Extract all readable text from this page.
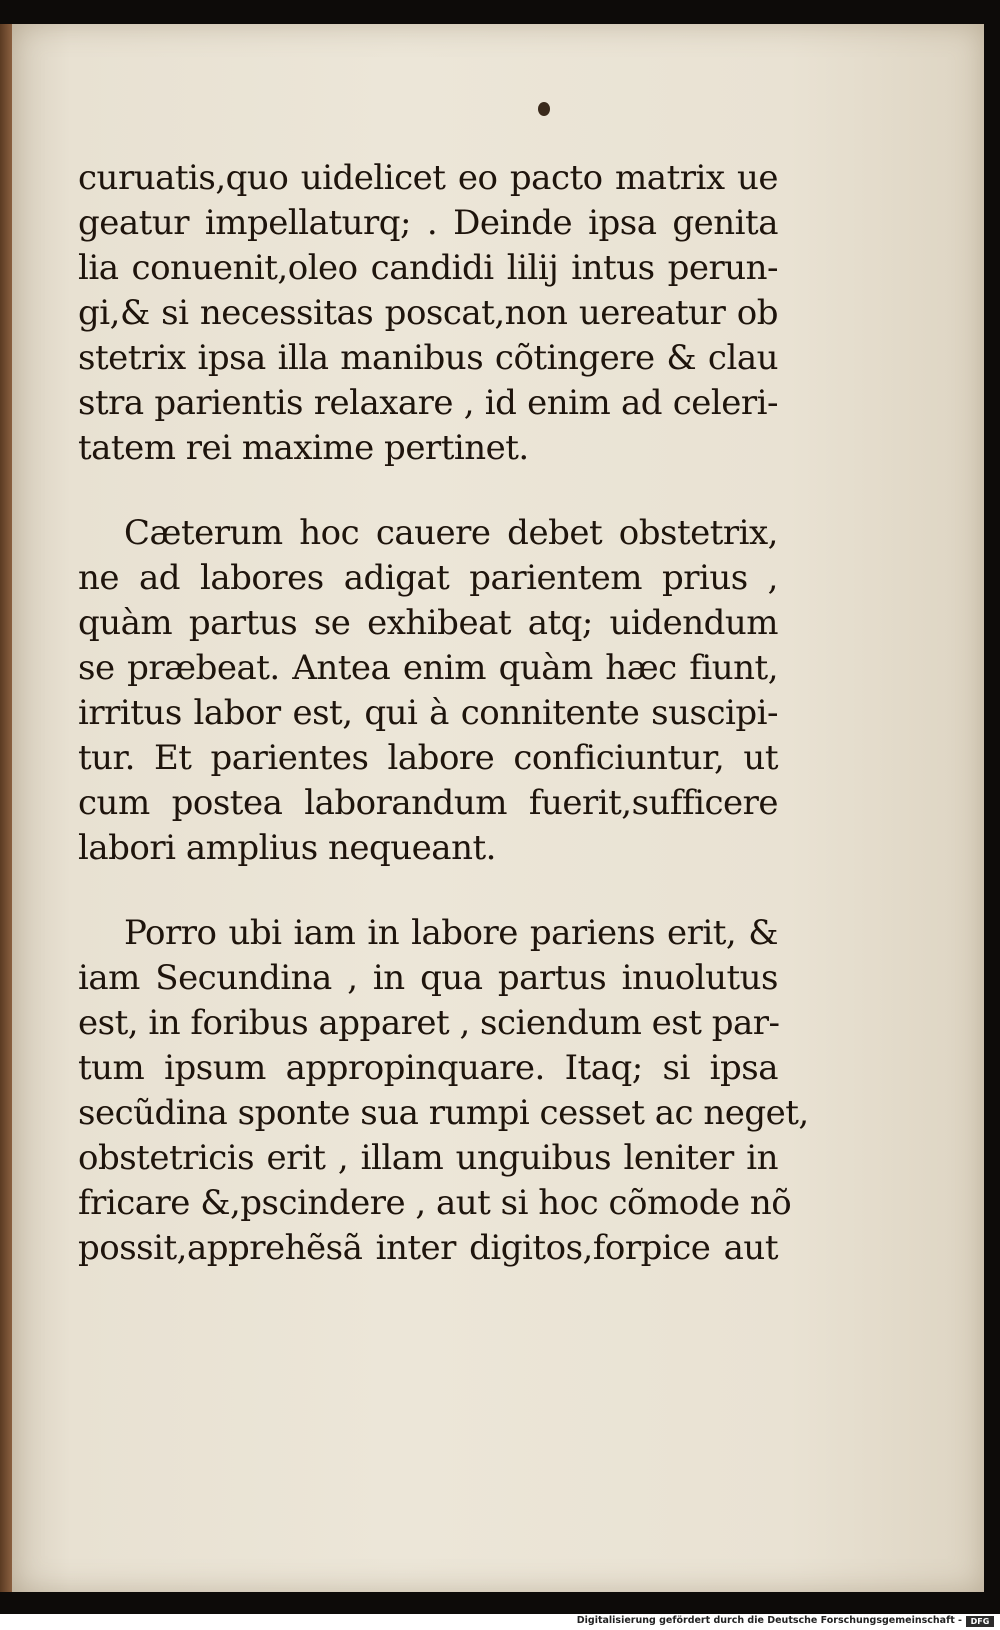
curuatis,quo uidelicet eo pacto matrix ue
geatur impellaturq; . Deinde ipsa genita
lia conuenit,oleo candidi lilij intus perun-
gi,& si necessitas poscat,non uereatur ob
stetrix ipsa illa manibus cõtingere & clau
stra parientis relaxare , id enim ad celeri-
tatem rei maxime pertinet.
Cæterum hoc cauere debet obstetrix,
ne ad labores adigat parientem prius ,
quàm partus se exhibeat atq; uidendum
se præbeat. Antea enim quàm hæc fiunt,
irritus labor est, qui à connitente suscipi-
tur. Et parientes labore conficiuntur, ut
cum postea laborandum fuerit,sufficere
labori amplius nequeant.
Porro ubi iam in labore pariens erit, &
iam Secundina , in qua partus inuolutus
est, in foribus apparet , sciendum est par-
tum ipsum appropinquare. Itaq; si ipsa
secũdina sponte sua rumpi cesset ac neget,
obstetricis erit , illam unguibus leniter in
fricare &,pscindere , aut si hoc cõmode nõ
possit,apprehẽsã inter digitos,forpice aut
Digitalisierung gefördert durch die Deutsche Forschungsgemeinschaft -	DFG
